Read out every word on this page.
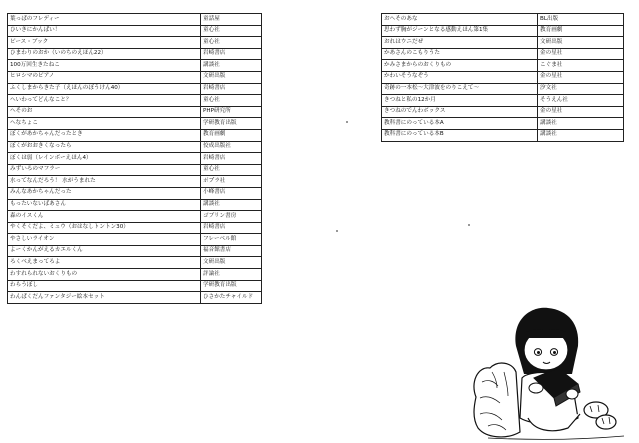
葉っぱのフレディー	童話屋
ひいきにかんぱい！	童心社
ピース・ブック	童心社
ひまわりのおか（いのちのえほん22）	岩崎書店
100万回生きたねこ	講談社
ヒロシマのピアノ	文研出版
ふくしまからきた子（えほんのぼうけん40）	岩崎書店
へいわってどんなこと？	童心社
へそのお	PHP研究所
へなちょこ	学研教育出版
ぼくがあかちゃんだったとき	教育画劇
ぼくがおおきくなったら	佼成出版社
ぼくは弱（レインボーえほん4）	岩崎書店
みずいろのマフラー	童心社
水ってなんだろう！ 水がうまれた	ポプラ社
みんなあかちゃんだった	小峰書店
もったいないばあさん	講談社
森のイスくん	ゴブリン書房
やくそくだよ、ミュウ（おはなしトントン30）	岩崎書店
やさしいライオン	フレーベル館
よーくかんがえるカエルくん	福音館書店
ろくべえまってろよ	文研出版
わすれられないおくりもの	評論社
わらうぼし	学研教育出版
わんぱくだんファンタジー絵本セット	ひさかたチャイルド
おへそのあな	BL出版
思わず胸がジーンとなる感動えほん第1集	教育画劇
おれはウニだぜ	文研出版
かあさんのこもりうた	金の星社
かみさまからのおくりもの	こぐま社
かわいそうなぞう	金の星社
奇跡の一本松～大津波をのりこえて～	汐文社
きつねと私の12か月	そうえん社
きつねのでんわボックス	金の星社
教科書にのっている本A	講談社
教科書にのっている本B	講談社
